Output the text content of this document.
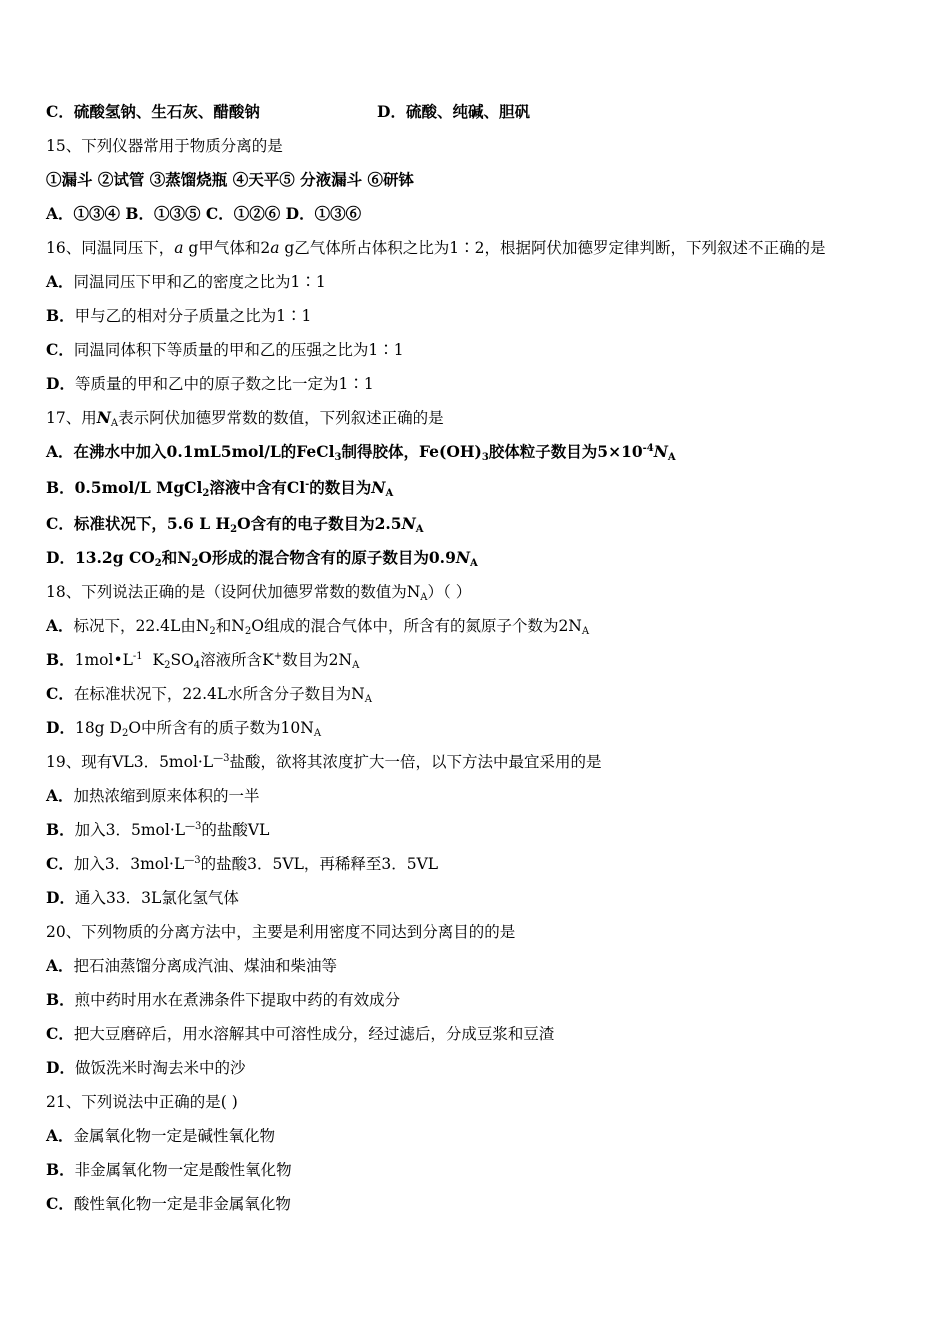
C．硫酸氢钠、生石灰、醋酸钠	D．硫酸、纯碱、胆矾
15、下列仪器常用于物质分离的是
①漏斗 ②试管 ③蒸馏烧瓶 ④天平⑤ 分液漏斗 ⑥研钵
A．①③④ B．①③⑤ C．①②⑥ D．①③⑥
16、同温同压下，a g甲气体和2a g乙气体所占体积之比为1∶2，根据阿伏加德罗定律判断，下列叙述不正确的是
A．同温同压下甲和乙的密度之比为1∶1
B．甲与乙的相对分子质量之比为1∶1
C．同温同体积下等质量的甲和乙的压强之比为1∶1
D．等质量的甲和乙中的原子数之比一定为1∶1
17、用$N_A$表示阿伏加德罗常数的数值，下列叙述正确的是
A．在沸水中加入0.1mL5mol/L的FeCl$_3$制得胶体，$Fe(OH)_3$胶体粒子数目为$5\times 10^{-4}N_A$
B．0.5mol/L MgCl$_2$溶液中含有Cl-的数目为$N_A$
C．标准状况下，5.6 L $H_2O$含有的电子数目为$2.5N_A$
D．13.2g $CO_2$和$N_2O$形成的混合物含有的原子数目为$0.9N_A$
18、下列说法正确的是（设阿伏加德罗常数的数值为$N_A$）（ ）
A．标况下，22.4L由$N_2$和$N_2O$组成的混合气体中，所含有的氮原子个数为$2N_A$
B．$1mol•L^{-1}$  $K_2SO_4$溶液所含K+数目为$2N_A$
C．在标准状况下，22.4L水所含分子数目为$N_A$
D．18g $D_2O$中所含有的质子数为$10N_A$
19、现有VL3．$5mol\cdot L^{—3}$盐酸，欲将其浓度扩大一倍，以下方法中最宜采用的是
A．加热浓缩到原来体积的一半
B．加入3．$5mol\cdot L^{—3}$的盐酸VL
C．加入3．$3mol\cdot L^{—3}$的盐酸3．5VL，再稀释至3．5VL
D．通入33．3L氯化氢气体
20、下列物质的分离方法中，主要是利用密度不同达到分离目的的是
A．把石油蒸馏分离成汽油、煤油和柴油等
B．煎中药时用水在煮沸条件下提取中药的有效成分
C．把大豆磨碎后，用水溶解其中可溶性成分，经过滤后，分成豆浆和豆渣
D．做饭洗米时淘去米中的沙
21、下列说法中正确的是( )
A．金属氧化物一定是碱性氧化物
B．非金属氧化物一定是酸性氧化物
C．酸性氧化物一定是非金属氧化物
